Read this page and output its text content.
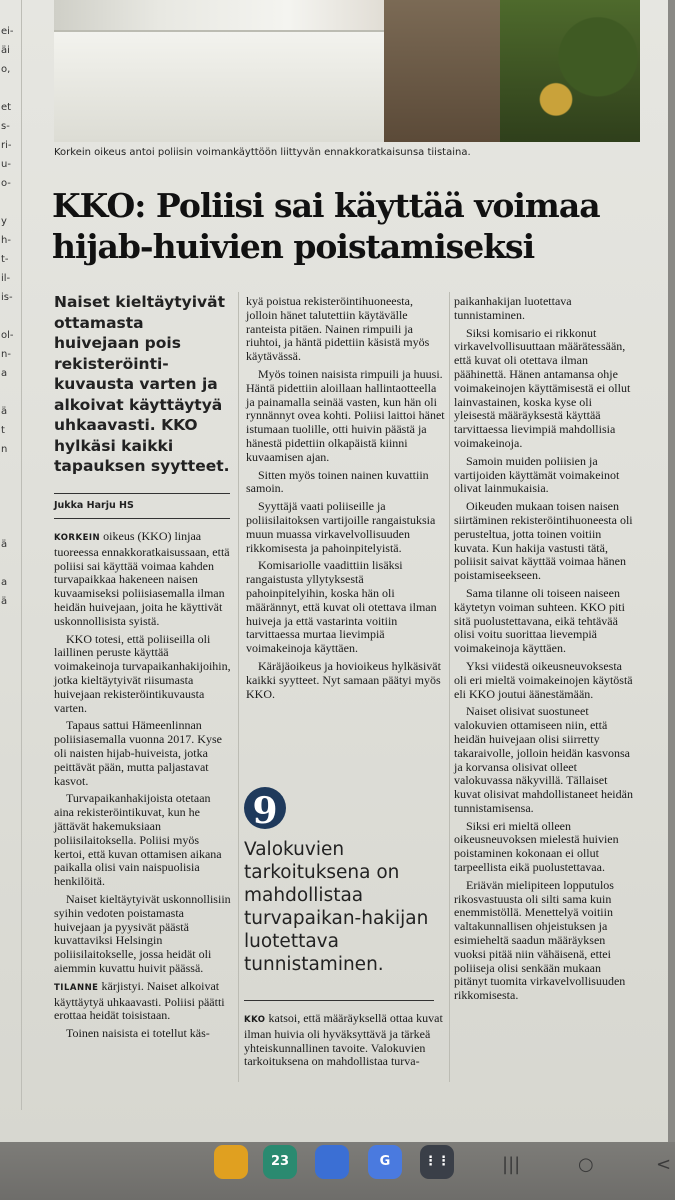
ei-
äi
o,
et
s-
ri-
u-
o-
y
h-
t-
il-
is-
ol-
n-
a
ä
t
n
ä
a
ä
Korkein oikeus antoi poliisin voimankäyttöön liittyvän ennakkoratkaisunsa tiistaina.
KKO: Poliisi sai käyttää voimaa
hijab-huivien poistamiseksi
Naiset kieltäytyivät ottamasta huivejaan pois rekisteröinti-kuvausta varten ja alkoivat käyttäytyä uhkaavasti. KKO hylkäsi kaikki tapauksen syytteet.
Jukka Harju HS

KORKEIN oikeus (KKO) linjaa tuoreessa ennakkoratkaisussaan, että poliisi sai käyttää voimaa kahden turvapaikkaa hakeneen naisen kuvaamiseksi poliisiasemalla ilman heidän huivejaan, joita he käyttivät uskonnollisista syistä.

KKO totesi, että poliiseilla oli laillinen peruste käyttää voimakeinoja turvapaikanhakijoihin, jotka kieltäytyivät riisumasta huivejaan rekisteröintikuvausta varten.

Tapaus sattui Hämeenlinnan poliisiasemalla vuonna 2017. Kyse oli naisten hijab-huiveista, jotka peittävät pään, mutta paljastavat kasvot.

Turvapaikanhakijoista otetaan aina rekisteröintikuvat, kun he jättävät hakemuksiaan poliisilaitoksella. Poliisi myös kertoi, että kuvan ottamisen aikana paikalla olisi vain naispuolisia henkilöitä.

Naiset kieltäytyivät uskonnollisiin syihin vedoten poistamasta huivejaan ja pyysivät päästä kuvattaviksi Helsingin poliisilaitokselle, jossa heidät oli aiemmin kuvattu huivit päässä.

TILANNE kärjistyi. Naiset alkoivat käyttäytyä uhkaavasti. Poliisi päätti erottaa heidät toisistaan.

Toinen naisista ei totellut käs-

kyä poistua rekisteröintihuoneesta, jolloin hänet talutettiin käytävälle ranteista pitäen. Nainen rimpuili ja riuhtoi, ja häntä pidettiin käsistä myös käytävässä.

Myös toinen naisista rimpuili ja huusi. Häntä pidettiin aloillaan hallintaotteella ja painamalla seinää vasten, kun hän oli rynnännyt ovea kohti. Poliisi laittoi hänet istumaan tuolille, otti huivin päästä ja hänestä pidettiin olkapäistä kiinni kuvaamisen ajan.

Sitten myös toinen nainen kuvattiin samoin.

Syyttäjä vaati poliiseille ja poliisilaitoksen vartijoille rangaistuksia muun muassa virkavelvollisuuden rikkomisesta ja pahoinpitelyistä.

Komisariolle vaadittiin lisäksi rangaistusta yllytyksestä pahoinpitelyihin, koska hän oli määrännyt, että kuvat oli otettava ilman huiveja ja että vastarinta voitiin tarvittaessa murtaa lievimpiä voimakeinoja käyttäen.

Käräjäoikeus ja hovioikeus hylkäsivät kaikki syytteet. Nyt samaan päätyi myös KKO.

9
Valokuvien tarkoituksena on mahdollistaa turvapaikan-hakijan luotettava tunnistaminen.

KKO katsoi, että määräyksellä ottaa kuvat ilman huivia oli hyväksyttävä ja tärkeä yhteiskunnallinen tavoite. Valokuvien tarkoituksena on mahdollistaa turva-

paikanhakijan luotettava tunnistaminen.

Siksi komisario ei rikkonut virkavelvollisuuttaan määrätessään, että kuvat oli otettava ilman päähinettä. Hänen antamansa ohje voimakeinojen käyttämisestä ei ollut lainvastainen, koska kyse oli yleisestä määräyksestä käyttää tarvittaessa lievimpiä mahdollisia voimakeinoja.

Samoin muiden poliisien ja vartijoiden käyttämät voimakeinot olivat lainmukaisia.

Oikeuden mukaan toisen naisen siirtäminen rekisteröintihuoneesta oli perusteltua, jotta toinen voitiin kuvata. Kun hakija vastusti tätä, poliisit saivat käyttää voimaa hänen poistamiseekseen.

Sama tilanne oli toiseen naiseen käytetyn voiman suhteen. KKO piti sitä puolustettavana, eikä tehtävää olisi voitu suorittaa lievempiä voimakeinoja käyttäen.

Yksi viidestä oikeusneuvoksesta oli eri mieltä voimakeinojen käytöstä eli KKO joutui äänestämään.

Naiset olisivat suostuneet valokuvien ottamiseen niin, että heidän huivejaan olisi siirretty takaraivolle, jolloin heidän kasvonsa ja korvansa olisivat olleet valokuvassa näkyvillä. Tällaiset kuvat olisivat mahdollistaneet heidän tunnistamisensa.

Siksi eri mieltä olleen oikeusneuvoksen mielestä huivien poistaminen kokonaan ei ollut tarpeellista eikä puolustettavaa.

Eriävän mielipiteen lopputulos rikosvastuusta oli silti sama kuin enemmistöllä. Menettelyä voitiin valtakunnallisen ohjeistuksen ja esimieheltä saadun määräyksen vuoksi pitää niin vähäisenä, ettei poliiseja olisi senkään mukaan pitänyt tuomita virkavelvollisuuden rikkomisesta.

|||	○	<
23	G	⋮⋮
